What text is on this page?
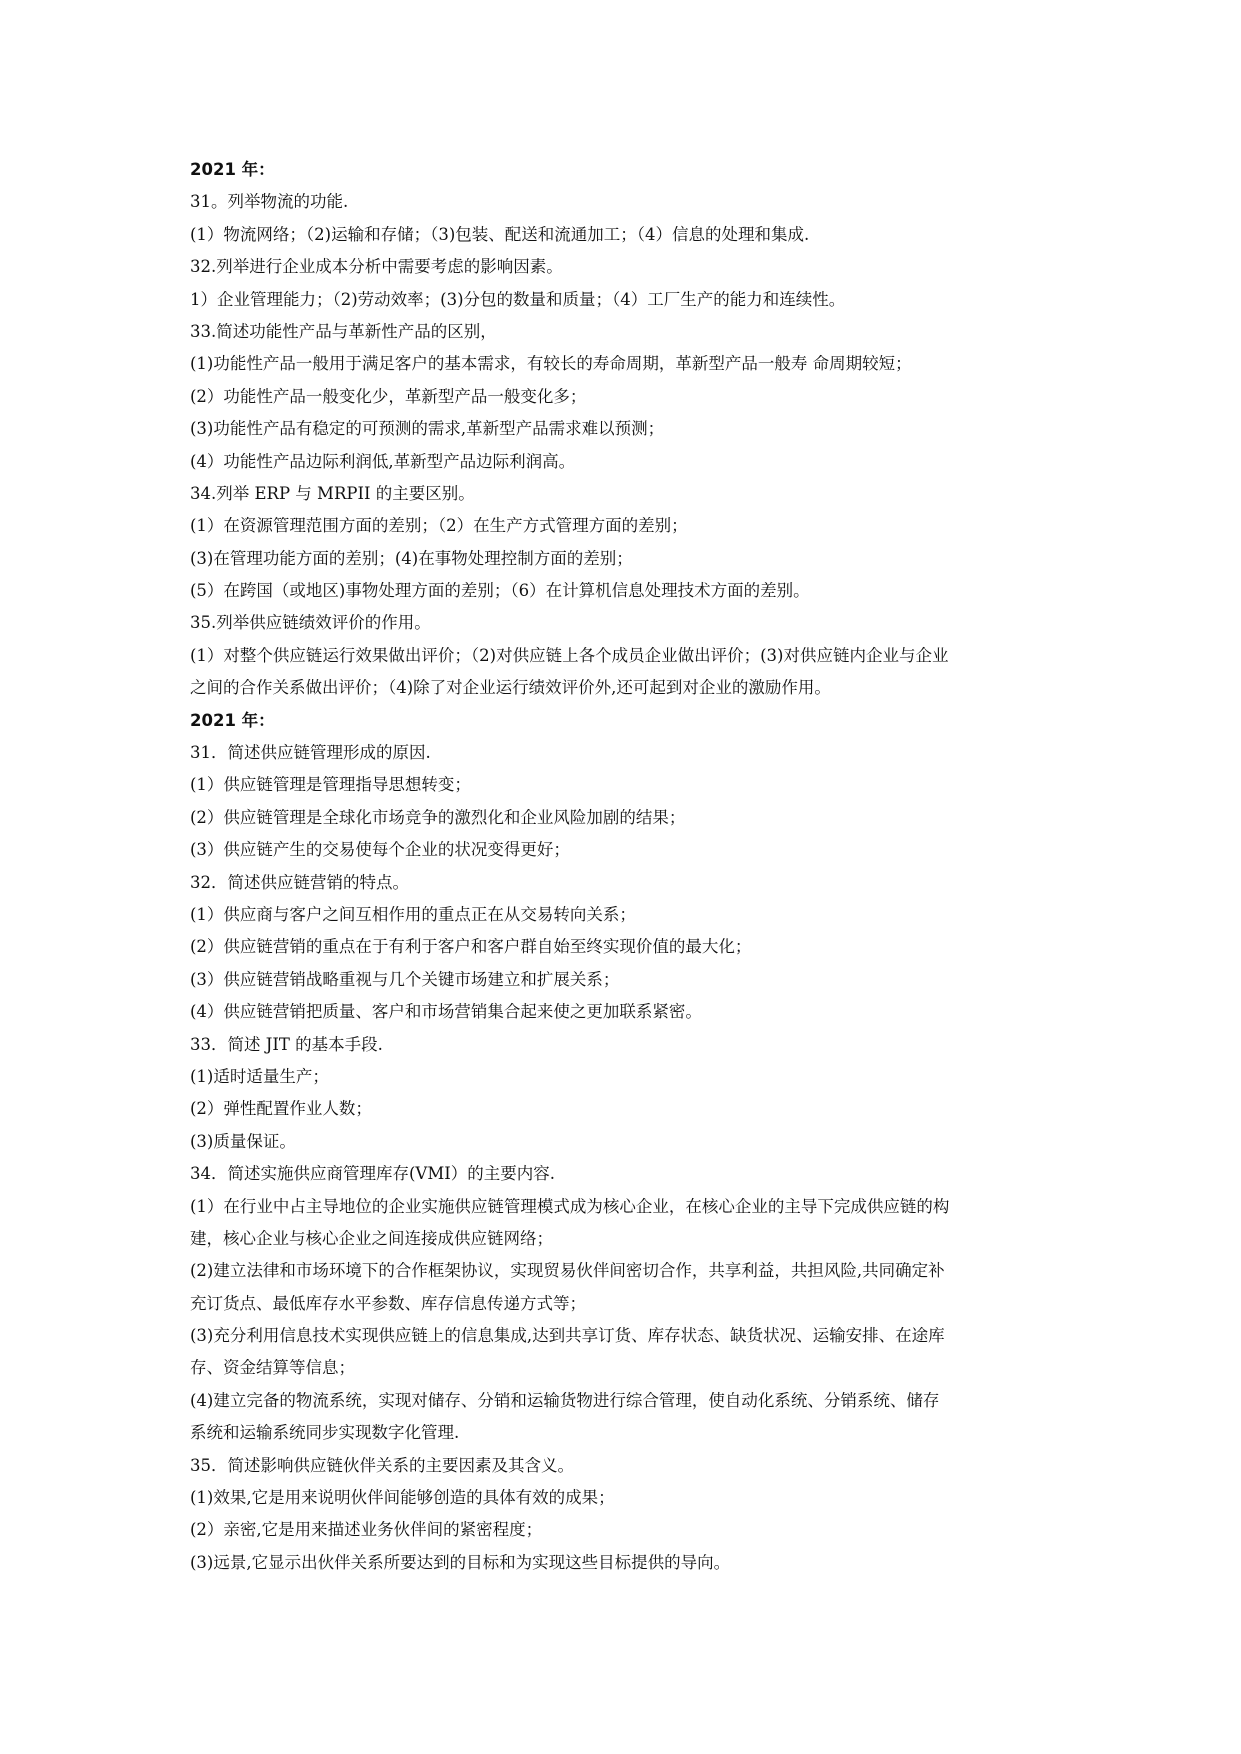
2021 年：

31。列举物流的功能.

(1）物流网络；（2)运输和存储；（3)包装、配送和流通加工；（4）信息的处理和集成.

32.列举进行企业成本分析中需要考虑的影响因素。

1）企业管理能力；（2)劳动效率；(3)分包的数量和质量；（4）工厂生产的能力和连续性。

33.简述功能性产品与革新性产品的区别，

(1)功能性产品一般用于满足客户的基本需求，有较长的寿命周期，革新型产品一般寿 命周期较短；

(2）功能性产品一般变化少，革新型产品一般变化多；

(3)功能性产品有稳定的可预测的需求,革新型产品需求难以预测；

(4）功能性产品边际利润低,革新型产品边际利润高。

34.列举 ERP 与 MRPII 的主要区别。

(1）在资源管理范围方面的差别；（2）在生产方式管理方面的差别；

(3)在管理功能方面的差别；(4)在事物处理控制方面的差别；

(5）在跨国（或地区)事物处理方面的差别；（6）在计算机信息处理技术方面的差别。

35.列举供应链绩效评价的作用。

(1）对整个供应链运行效果做出评价；（2)对供应链上各个成员企业做出评价；(3)对供应链内企业与企业

之间的合作关系做出评价；（4)除了对企业运行绩效评价外,还可起到对企业的激励作用。

2021 年：

31．简述供应链管理形成的原因.

(1）供应链管理是管理指导思想转变；

(2）供应链管理是全球化市场竞争的激烈化和企业风险加剧的结果；

(3）供应链产生的交易使每个企业的状况变得更好；

32．简述供应链营销的特点。

(1）供应商与客户之间互相作用的重点正在从交易转向关系；

(2）供应链营销的重点在于有利于客户和客户群自始至终实现价值的最大化；

(3）供应链营销战略重视与几个关键市场建立和扩展关系；

(4）供应链营销把质量、客户和市场营销集合起来使之更加联系紧密。

33．简述 JIT 的基本手段.

(1)适时适量生产；

(2）弹性配置作业人数；

(3)质量保证。

34．简述实施供应商管理库存(VMI）的主要内容.

(1）在行业中占主导地位的企业实施供应链管理模式成为核心企业，在核心企业的主导下完成供应链的构

建，核心企业与核心企业之间连接成供应链网络；

(2)建立法律和市场环境下的合作框架协议，实现贸易伙伴间密切合作，共享利益，共担风险,共同确定补

充订货点、最低库存水平参数、库存信息传递方式等；

(3)充分利用信息技术实现供应链上的信息集成,达到共享订货、库存状态、缺货状况、运输安排、在途库

存、资金结算等信息；

(4)建立完备的物流系统，实现对储存、分销和运输货物进行综合管理，使自动化系统、分销系统、储存

系统和运输系统同步实现数字化管理.

35．简述影响供应链伙伴关系的主要因素及其含义。

(1)效果,它是用来说明伙伴间能够创造的具体有效的成果；

(2）亲密,它是用来描述业务伙伴间的紧密程度；

(3)远景,它显示出伙伴关系所要达到的目标和为实现这些目标提供的导向。
